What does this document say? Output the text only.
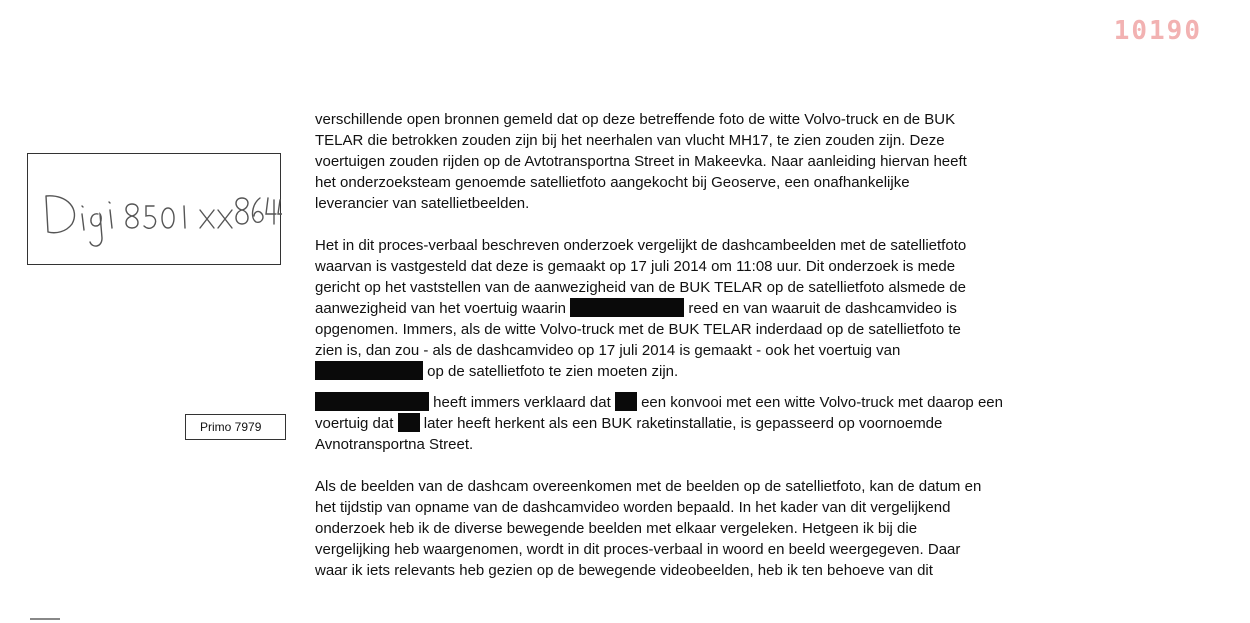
10190
Primo 7979
verschillende open bronnen gemeld dat op deze betreffende foto de witte Volvo-truck en de BUK
TELAR die betrokken zouden zijn bij het neerhalen van vlucht MH17, te zien zouden zijn. Deze
voertuigen zouden rijden op de Avtotransportna Street in Makeevka. Naar aanleiding hiervan heeft
het onderzoeksteam genoemde satellietfoto aangekocht bij Geoserve, een onafhankelijke
leverancier van satellietbeelden.
Het in dit proces-verbaal beschreven onderzoek vergelijkt de dashcambeelden met de satellietfoto
waarvan is vastgesteld dat deze is gemaakt op 17 juli 2014 om 11:08 uur. Dit onderzoek is mede
gericht op het vaststellen van de aanwezigheid van de BUK TELAR op de satellietfoto alsmede de
aanwezigheid van het voertuig waarin	reed en van waaruit de dashcamvideo is
opgenomen. Immers, als de witte Volvo-truck met de BUK TELAR inderdaad op de satellietfoto te
zien is, dan zou - als de dashcamvideo op 17 juli 2014 is gemaakt - ook het voertuig van
op de satellietfoto te zien moeten zijn.
heeft immers verklaard dat een konvooi met een witte Volvo-truck met daarop een
voertuig dat later heeft herkent als een BUK raketinstallatie, is gepasseerd op voornoemde
Avnotransportna Street.
Als de beelden van de dashcam overeenkomen met de beelden op de satellietfoto, kan de datum en
het tijdstip van opname van de dashcamvideo worden bepaald. In het kader van dit vergelijkend
onderzoek heb ik de diverse bewegende beelden met elkaar vergeleken. Hetgeen ik bij die
vergelijking heb waargenomen, wordt in dit proces-verbaal in woord en beeld weergegeven. Daar
waar ik iets relevants heb gezien op de bewegende videobeelden, heb ik ten behoeve van dit
